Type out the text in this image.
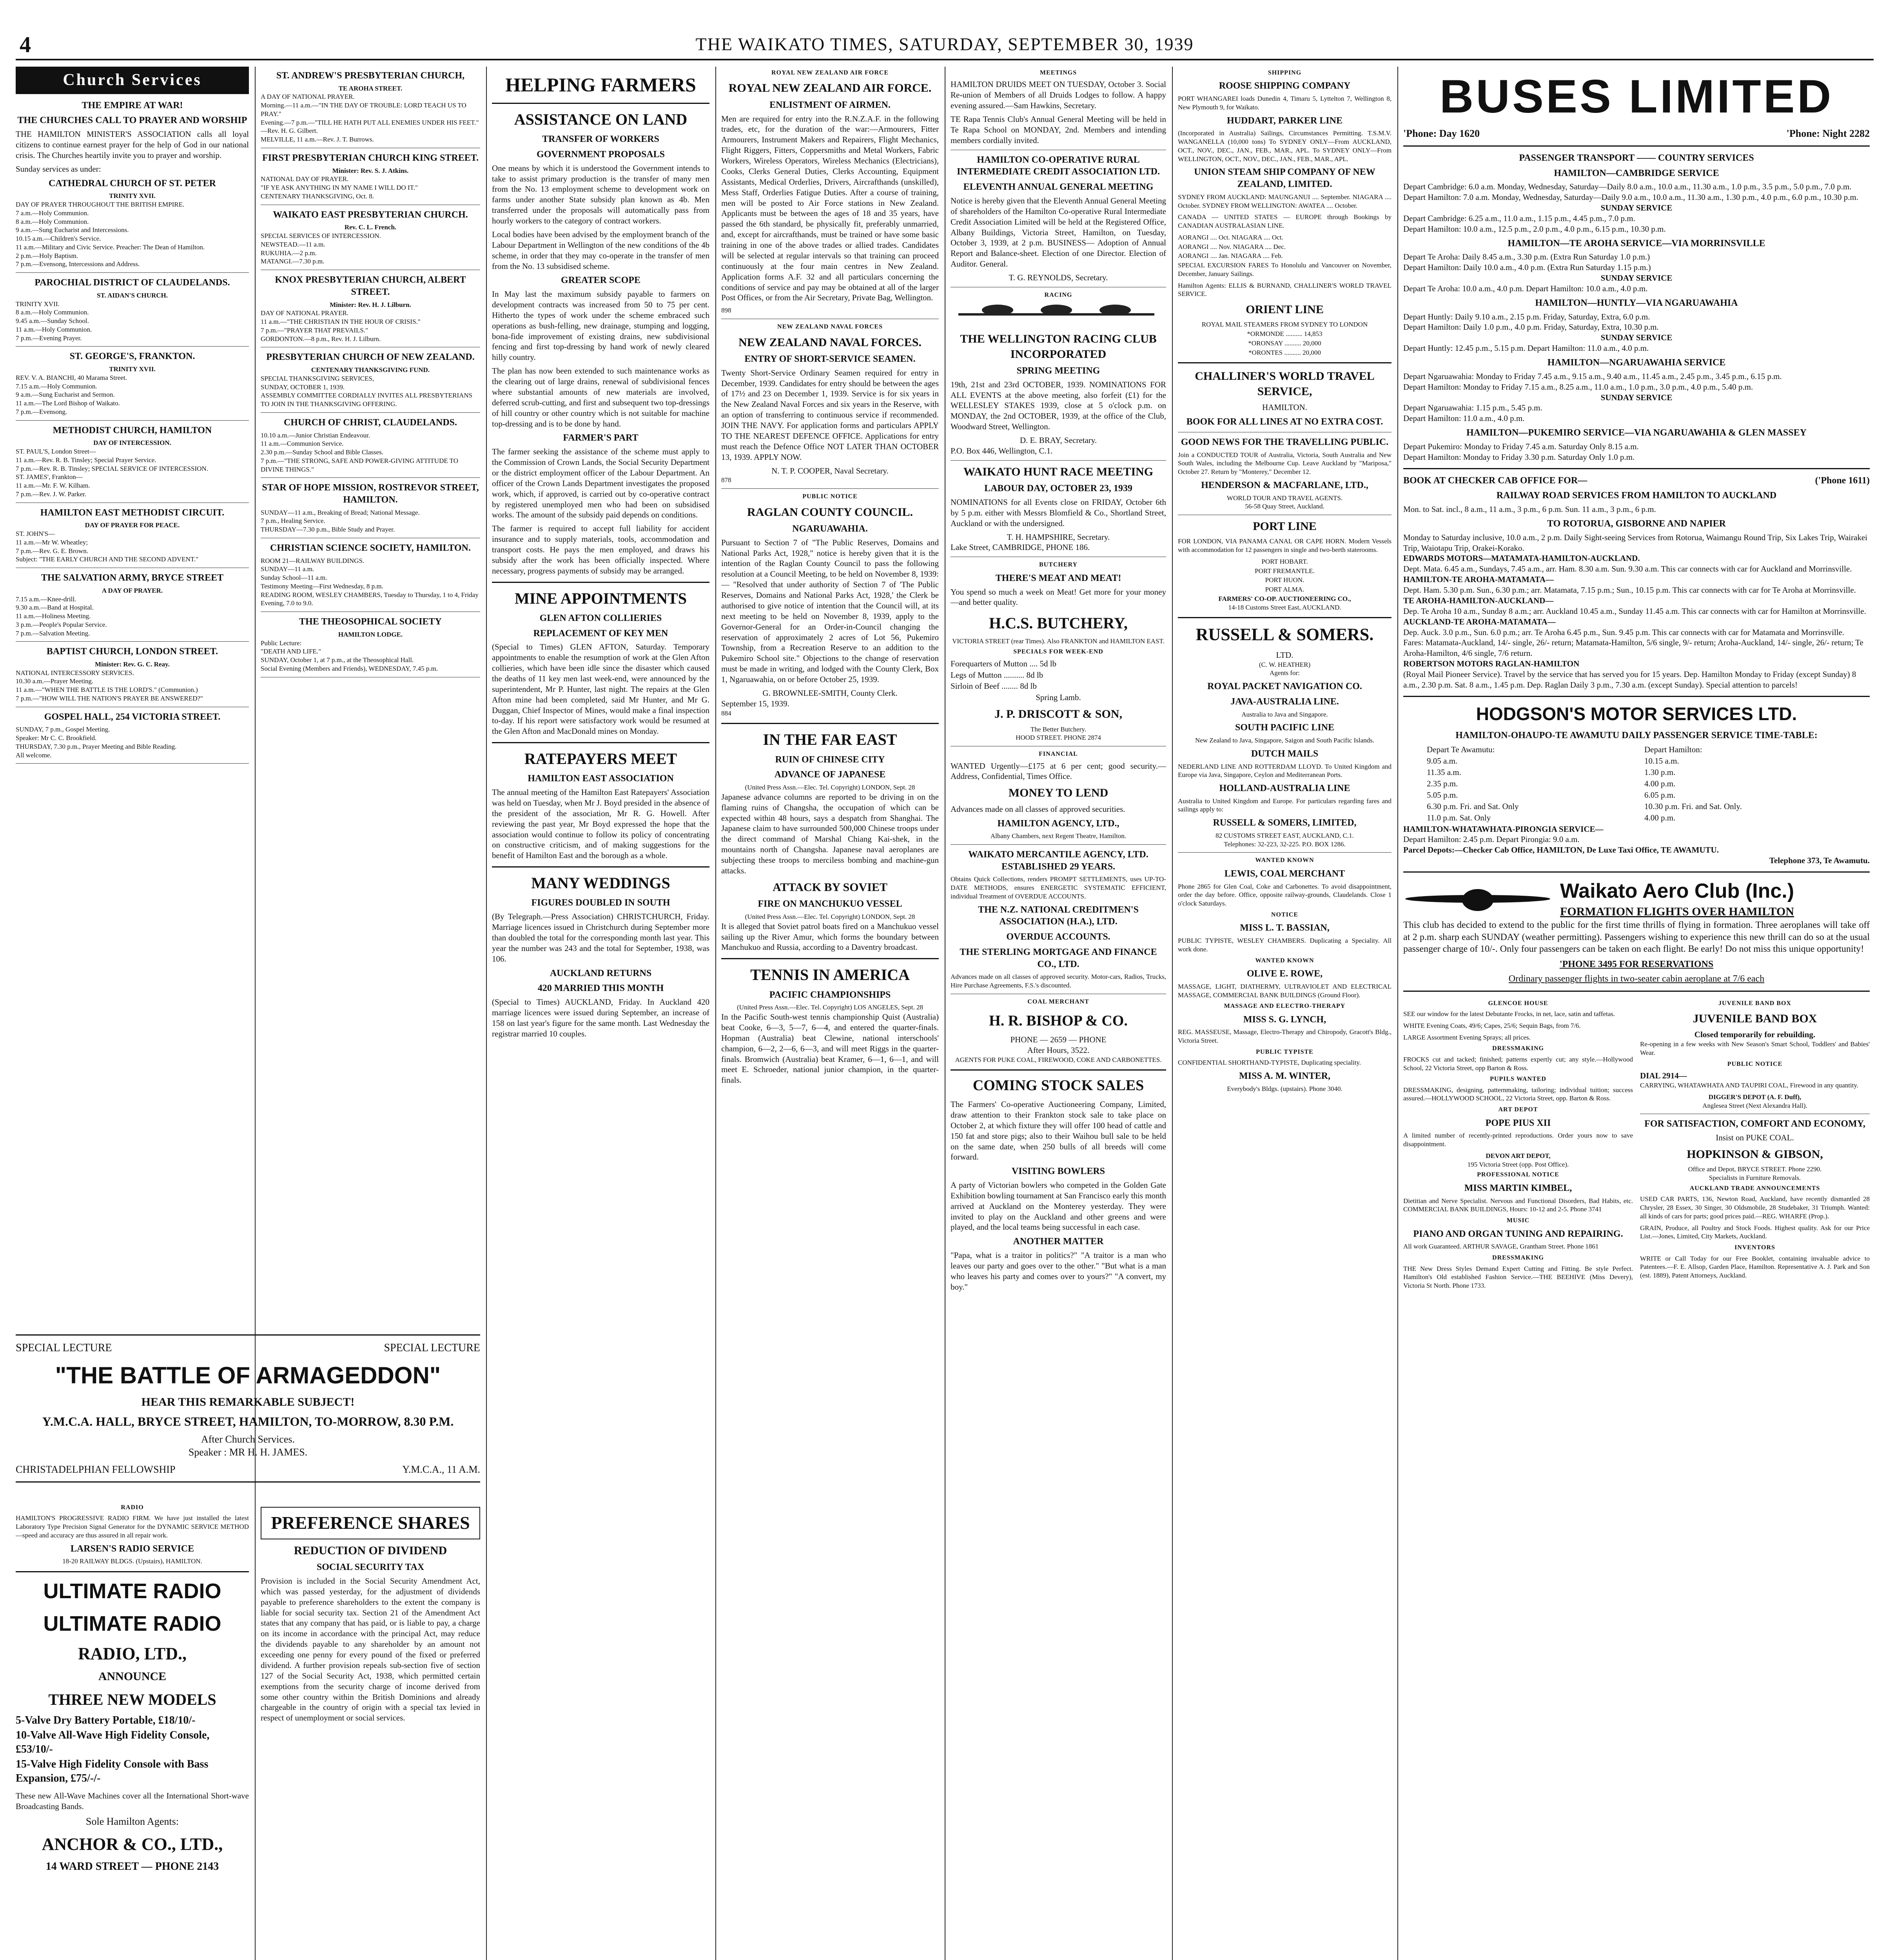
4	THE WAIKATO TIMES, SATURDAY, SEPTEMBER 30, 1939
Church Services
THE EMPIRE AT WAR!
THE CHURCHES CALL TO PRAYER AND WORSHIP

THE HAMILTON MINISTER'S ASSOCIATION calls all loyal citizens to continue earnest prayer for the help of God in our national crisis. The Churches heartily invite you to prayer and worship.

Sunday services as under:

CATHEDRAL CHURCH OF ST. PETER
TRINITY XVII.
DAY OF PRAYER THROUGHOUT THE BRITISH EMPIRE.
7 a.m.—Holy Communion.
8 a.m.—Holy Communion.
9 a.m.—Sung Eucharist and Intercessions.
10.15 a.m.—Children's Service.
11 a.m.—Military and Civic Service. Preacher: The Dean of Hamilton.
2 p.m.—Holy Baptism.
7 p.m.—Evensong, Intercessions and Address.
PAROCHIAL DISTRICT OF CLAUDELANDS.
ST. AIDAN'S CHURCH.
TRINITY XVII.
8 a.m.—Holy Communion.
9.45 a.m.—Sunday School.
11 a.m.—Holy Communion.
7 p.m.—Evening Prayer.
ST. GEORGE'S, FRANKTON.
TRINITY XVII.
REV. V. A. BIANCHI, 40 Marama Street.
7.15 a.m.—Holy Communion.
9 a.m.—Sung Eucharist and Sermon.
11 a.m.—The Lord Bishop of Waikato.
7 p.m.—Evensong.
METHODIST CHURCH, HAMILTON
DAY OF INTERCESSION.
ST. PAUL'S, London Street—
11 a.m.—Rev. R. B. Tinsley; Special Prayer Service.
7 p.m.—Rev. R. B. Tinsley; SPECIAL SERVICE OF INTERCESSION.
ST. JAMES', Frankton—
11 a.m.—Mr. F. W. Kilham.
7 p.m.—Rev. J. W. Parker.
HAMILTON EAST METHODIST CIRCUIT.
DAY OF PRAYER FOR PEACE.
ST. JOHN'S—
11 a.m.—Mr W. Wheatley;
7 p.m.—Rev. G. E. Brown.
Subject: "THE EARLY CHURCH AND THE SECOND ADVENT."
THE SALVATION ARMY, BRYCE STREET
A DAY OF PRAYER.
7.15 a.m.—Knee-drill.
9.30 a.m.—Band at Hospital.
11 a.m.—Holiness Meeting.
3 p.m.—People's Popular Service.
7 p.m.—Salvation Meeting.
BAPTIST CHURCH, LONDON STREET.
Minister: Rev. G. C. Reay.
NATIONAL INTERCESSORY SERVICES.
10.30 a.m.—Prayer Meeting.
11 a.m.—"WHEN THE BATTLE IS THE LORD'S." (Communion.)
7 p.m.—"HOW WILL THE NATION'S PRAYER BE ANSWERED?"
GOSPEL HALL, 254 VICTORIA STREET.
SUNDAY, 7 p.m., Gospel Meeting.
Speaker: Mr C. C. Brookfield.
THURSDAY, 7.30 p.m., Prayer Meeting and Bible Reading.
All welcome.
ST. ANDREW'S PRESBYTERIAN CHURCH,
TE AROHA STREET.
A DAY OF NATIONAL PRAYER.
Morning.—11 a.m.—"IN THE DAY OF TROUBLE: LORD TEACH US TO PRAY."
Evening.—7 p.m.—"TILL HE HATH PUT ALL ENEMIES UNDER HIS FEET."
—Rev. H. G. Gilbert.
MELVILLE, 11 a.m.—Rev. J. T. Burrows.
FIRST PRESBYTERIAN CHURCH KING STREET.
Minister: Rev. S. J. Atkins.
NATIONAL DAY OF PRAYER.
"IF YE ASK ANYTHING IN MY NAME I WILL DO IT."
CENTENARY THANKSGIVING, Oct. 8.
WAIKATO EAST PRESBYTERIAN CHURCH.
Rev. C. L. French.
SPECIAL SERVICES OF INTERCESSION.
NEWSTEAD.—11 a.m.
RUKUHIA.—2 p.m.
MATANGI.—7.30 p.m.
KNOX PRESBYTERIAN CHURCH, ALBERT STREET.
Minister: Rev. H. J. Lilburn.
DAY OF NATIONAL PRAYER.
11 a.m.—"THE CHRISTIAN IN THE HOUR OF CRISIS."
7 p.m.—"PRAYER THAT PREVAILS."
GORDONTON.—8 p.m., Rev. H. J. Lilburn.
PRESBYTERIAN CHURCH OF NEW ZEALAND.
CENTENARY THANKSGIVING FUND.
SPECIAL THANKSGIVING SERVICES,
SUNDAY, OCTOBER 1, 1939.
ASSEMBLY COMMITTEE CORDIALLY INVITES ALL PRESBYTERIANS TO JOIN IN THE THANKSGIVING OFFERING.
CHURCH OF CHRIST, CLAUDELANDS.
10.10 a.m.—Junior Christian Endeavour.
11 a.m.—Communion Service.
2.30 p.m.—Sunday School and Bible Classes.
7 p.m.—"THE STRONG, SAFE AND POWER-GIVING ATTITUDE TO DIVINE THINGS."
STAR OF HOPE MISSION, ROSTREVOR STREET, HAMILTON.
SUNDAY—11 a.m., Breaking of Bread; National Message.
7 p.m., Healing Service.
THURSDAY—7.30 p.m., Bible Study and Prayer.
CHRISTIAN SCIENCE SOCIETY, HAMILTON.
ROOM 21—RAILWAY BUILDINGS.
SUNDAY—11 a.m.
Sunday School—11 a.m.
Testimony Meeting—First Wednesday, 8 p.m.
READING ROOM, WESLEY CHAMBERS, Tuesday to Thursday, 1 to 4, Friday Evening, 7.0 to 9.0.
THE THEOSOPHICAL SOCIETY
HAMILTON LODGE.
Public Lecture:
"DEATH AND LIFE."
SUNDAY, October 1, at 7 p.m., at the Theosophical Hall.
Social Evening (Members and Friends), WEDNESDAY, 7.45 p.m.
SPECIAL LECTURE	SPECIAL LECTURE
"THE BATTLE OF ARMAGEDDON"
HEAR THIS REMARKABLE SUBJECT!
Y.M.C.A. HALL, BRYCE STREET, HAMILTON, TO-MORROW, 8.30 P.M.
After Church Services.
Speaker : MR H. H. JAMES.
CHRISTADELPHIAN FELLOWSHIP	Y.M.C.A., 11 A.M.
RADIO

HAMILTON'S PROGRESSIVE RADIO FIRM. We have just installed the latest Laboratory Type Precision Signal Generator for the DYNAMIC SERVICE METHOD —speed and accuracy are thus assured in all repair work.

LARSEN'S RADIO SERVICE
18-20 RAILWAY BLDGS. (Upstairs), HAMILTON.
ULTIMATE RADIO
ULTIMATE RADIO
RADIO, LTD.,
ANNOUNCE
THREE NEW MODELS
5-Valve Dry Battery Portable, £18/10/-
10-Valve All-Wave High Fidelity Console, £53/10/-
15-Valve High Fidelity Console with Bass Expansion, £75/-/-

These new All-Wave Machines cover all the International Short-wave Broadcasting Bands.

Sole Hamilton Agents:
ANCHOR & CO., LTD.,
14 WARD STREET — PHONE 2143
PREFERENCE SHARES
REDUCTION OF DIVIDEND
SOCIAL SECURITY TAX

Provision is included in the Social Security Amendment Act, which was passed yesterday, for the adjustment of dividends payable to preference shareholders to the extent the company is liable for social security tax. Section 21 of the Amendment Act states that any company that has paid, or is liable to pay, a charge on its income in accordance with the principal Act, may reduce the dividends payable to any shareholder by an amount not exceeding one penny for every pound of the fixed or preferred dividend. A further provision repeals sub-section five of section 127 of the Social Security Act, 1938, which permitted certain exemptions from the security charge of income derived from some other country within the British Dominions and already chargeable in the country of origin with a special tax levied in respect of unemployment or social services.

HELPING FARMERS
ASSISTANCE ON LAND
TRANSFER OF WORKERS
GOVERNMENT PROPOSALS

One means by which it is understood the Government intends to take to assist primary production is the transfer of many men from the No. 13 employment scheme to development work on farms under another State subsidy plan known as 4b. Men transferred under the proposals will automatically pass from hourly workers to the category of contract workers.

Local bodies have been advised by the employment branch of the Labour Department in Wellington of the new conditions of the 4b scheme, in order that they may co-operate in the transfer of men from the No. 13 subsidised scheme.

GREATER SCOPE

In May last the maximum subsidy payable to farmers on development contracts was increased from 50 to 75 per cent. Hitherto the types of work under the scheme embraced such operations as bush-felling, new drainage, stumping and logging, bona-fide improvement of existing drains, new subdivisional fencing and first top-dressing by hand work of newly cleared hilly country.

The plan has now been extended to such maintenance works as the clearing out of large drains, renewal of subdivisional fences where substantial amounts of new materials are involved, deferred scrub-cutting, and first and subsequent two top-dressings of hill country or other country which is not suitable for machine top-dressing and is to be done by hand.

FARMER'S PART

The farmer seeking the assistance of the scheme must apply to the Commission of Crown Lands, the Social Security Department or the district employment officer of the Labour Department. An officer of the Crown Lands Department investigates the proposed work, which, if approved, is carried out by co-operative contract by registered unemployed men who had been on subsidised works. The amount of the subsidy paid depends on conditions.

The farmer is required to accept full liability for accident insurance and to supply materials, tools, accommodation and transport costs. He pays the men employed, and draws his subsidy after the work has been officially inspected. Where necessary, progress payments of subsidy may be arranged.

MINE APPOINTMENTS
GLEN AFTON COLLIERIES
REPLACEMENT OF KEY MEN

(Special to Times) GLEN AFTON, Saturday. Temporary appointments to enable the resumption of work at the Glen Afton collieries, which have been idle since the disaster which caused the deaths of 11 key men last week-end, were announced by the superintendent, Mr P. Hunter, last night. The repairs at the Glen Afton mine had been completed, said Mr Hunter, and Mr G. Duggan, Chief Inspector of Mines, would make a final inspection to-day. If his report were satisfactory work would be resumed at the Glen Afton and MacDonald mines on Monday.

RATEPAYERS MEET
HAMILTON EAST ASSOCIATION

The annual meeting of the Hamilton East Ratepayers' Association was held on Tuesday, when Mr J. Boyd presided in the absence of the president of the association, Mr R. G. Howell. After reviewing the past year, Mr Boyd expressed the hope that the association would continue to follow its policy of concentrating on constructive criticism, and of making suggestions for the benefit of Hamilton East and the borough as a whole.

MANY WEDDINGS
FIGURES DOUBLED IN SOUTH

(By Telegraph.—Press Association) CHRISTCHURCH, Friday. Marriage licences issued in Christchurch during September more than doubled the total for the corresponding month last year. This year the number was 243 and the total for September, 1938, was 106.

AUCKLAND RETURNS
420 MARRIED THIS MONTH

(Special to Times) AUCKLAND, Friday. In Auckland 420 marriage licences were issued during September, an increase of 158 on last year's figure for the same month. Last Wednesday the registrar married 10 couples.

ROYAL NEW ZEALAND AIR FORCE
ROYAL NEW ZEALAND AIR FORCE.
ENLISTMENT OF AIRMEN.

Men are required for entry into the R.N.Z.A.F. in the following trades, etc, for the duration of the war:—Armourers, Fitter Armourers, Instrument Makers and Repairers, Flight Mechanics, Flight Riggers, Fitters, Coppersmiths and Metal Workers, Fabric Workers, Wireless Operators, Wireless Mechanics (Electricians), Cooks, Clerks General Duties, Clerks Accounting, Equipment Assistants, Medical Orderlies, Drivers, Aircrafthands (unskilled), Mess Staff, Orderlies Fatigue Duties. After a course of training, men will be posted to Air Force stations in New Zealand. Applicants must be between the ages of 18 and 35 years, have passed the 6th standard, be physically fit, preferably unmarried, and, except for aircrafthands, must be trained or have some basic training in one of the above trades or allied trades. Candidates will be selected at regular intervals so that training can proceed continuously at the four main centres in New Zealand. Application forms A.F. 32 and all particulars concerning the conditions of service and pay may be obtained at all of the larger Post Offices, or from the Air Secretary, Private Bag, Wellington.

898
NEW ZEALAND NAVAL FORCES
NEW ZEALAND NAVAL FORCES.
ENTRY OF SHORT-SERVICE SEAMEN.

Twenty Short-Service Ordinary Seamen required for entry in December, 1939. Candidates for entry should be between the ages of 17½ and 23 on December 1, 1939. Service is for six years in the New Zealand Naval Forces and six years in the Reserve, with an option of transferring to continuous service if recommended. JOIN THE NAVY. For application forms and particulars APPLY TO THE NEAREST DEFENCE OFFICE. Applications for entry must reach the Defence Office NOT LATER THAN OCTOBER 13, 1939. APPLY NOW.

N. T. P. COOPER, Naval Secretary.
878
PUBLIC NOTICE
RAGLAN COUNTY COUNCIL.
NGARUAWAHIA.

Pursuant to Section 7 of "The Public Reserves, Domains and National Parks Act, 1928," notice is hereby given that it is the intention of the Raglan County Council to pass the following resolution at a Council Meeting, to be held on November 8, 1939:— "Resolved that under authority of Section 7 of 'The Public Reserves, Domains and National Parks Act, 1928,' the Clerk be authorised to give notice of intention that the Council will, at its next meeting to be held on November 8, 1939, apply to the Governor-General for an Order-in-Council changing the reservation of approximately 2 acres of Lot 56, Pukemiro Township, from a Recreation Reserve to an addition to the Pukemiro School site." Objections to the change of reservation must be made in writing, and lodged with the County Clerk, Box 1, Ngaruawahia, on or before October 25, 1939.

G. BROWNLEE-SMITH, County Clerk.
September 15, 1939.
884
IN THE FAR EAST
RUIN OF CHINESE CITY
ADVANCE OF JAPANESE
(United Press Assn.—Elec. Tel. Copyright) LONDON, Sept. 28

Japanese advance columns are reported to be driving in on the flaming ruins of Changsha, the occupation of which can be expected within 48 hours, says a despatch from Shanghai. The Japanese claim to have surrounded 500,000 Chinese troops under the direct command of Marshal Chiang Kai-shek, in the mountains north of Changsha. Japanese naval aeroplanes are subjecting these troops to merciless bombing and machine-gun attacks.

ATTACK BY SOVIET
FIRE ON MANCHUKUO VESSEL
(United Press Assn.—Elec. Tel. Copyright) LONDON, Sept. 28

It is alleged that Soviet patrol boats fired on a Manchukuo vessel sailing up the River Amur, which forms the boundary between Manchukuo and Russia, according to a Daventry broadcast.

TENNIS IN AMERICA
PACIFIC CHAMPIONSHIPS
(United Press Assn.—Elec. Tel. Copyright) LOS ANGELES, Sept. 28

In the Pacific South-west tennis championship Quist (Australia) beat Cooke, 6—3, 5—7, 6—4, and entered the quarter-finals. Hopman (Australia) beat Clewine, national interschools' champion, 6—2, 2—6, 6—3, and will meet Riggs in the quarter-finals. Bromwich (Australia) beat Kramer, 6—1, 6—1, and will meet E. Schroeder, national junior champion, in the quarter-finals.

MEETINGS

HAMILTON DRUIDS MEET ON TUESDAY, October 3. Social Re-union of Members of all Druids Lodges to follow. A happy evening assured.—Sam Hawkins, Secretary.

TE Rapa Tennis Club's Annual General Meeting will be held in Te Rapa School on MONDAY, 2nd. Members and intending members cordially invited.

HAMILTON CO-OPERATIVE RURAL INTERMEDIATE CREDIT ASSOCIATION LTD.
ELEVENTH ANNUAL GENERAL MEETING

Notice is hereby given that the Eleventh Annual General Meeting of shareholders of the Hamilton Co-operative Rural Intermediate Credit Association Limited will be held at the Registered Office, Albany Buildings, Victoria Street, Hamilton, on Tuesday, October 3, 1939, at 2 p.m. BUSINESS— Adoption of Annual Report and Balance-sheet. Election of one Director. Election of Auditor. General.

T. G. REYNOLDS, Secretary.
RACING
THE WELLINGTON RACING CLUB INCORPORATED
SPRING MEETING

19th, 21st and 23rd OCTOBER, 1939. NOMINATIONS FOR ALL EVENTS at the above meeting, also forfeit (£1) for the WELLESLEY STAKES 1939, close at 5 o'clock p.m. on MONDAY, the 2nd OCTOBER, 1939, at the office of the Club, Woodward Street, Wellington.

D. E. BRAY, Secretary.
P.O. Box 446, Wellington, C.1.
WAIKATO HUNT RACE MEETING
LABOUR DAY, OCTOBER 23, 1939

NOMINATIONS for all Events close on FRIDAY, October 6th by 5 p.m. either with Messrs Blomfield & Co., Shortland Street, Auckland or with the undersigned.

T. H. HAMPSHIRE, Secretary.
Lake Street, CAMBRIDGE, PHONE 186.
BUTCHERY
THERE'S MEAT AND MEAT!

You spend so much a week on Meat! Get more for your money—and better quality.

H.C.S. BUTCHERY,
VICTORIA STREET (rear Times). Also FRANKTON and HAMILTON EAST.
SPECIALS FOR WEEK-END
Forequarters of Mutton .... 5d lb
Legs of Mutton .......... 8d lb
Sirloin of Beef ........ 8d lb
Spring Lamb.
J. P. DRISCOTT & SON,
The Better Butchery.
HOOD STREET. PHONE 2874
FINANCIAL

WANTED Urgently—£175 at 6 per cent; good security.—Address, Confidential, Times Office.

MONEY TO LEND

Advances made on all classes of approved securities.

HAMILTON AGENCY, LTD.,
Albany Chambers, next Regent Theatre, Hamilton.
WAIKATO MERCANTILE AGENCY, LTD. ESTABLISHED 29 YEARS.

Obtains Quick Collections, renders PROMPT SETTLEMENTS, uses UP-TO-DATE METHODS, ensures ENERGETIC SYSTEMATIC EFFICIENT, individual Treatment of OVERDUE ACCOUNTS.

THE N.Z. NATIONAL CREDITMEN'S ASSOCIATION (H.A.), LTD.
OVERDUE ACCOUNTS.
THE STERLING MORTGAGE AND FINANCE CO., LTD.

Advances made on all classes of approved security. Motor-cars, Radios, Trucks, Hire Purchase Agreements, F.S.'s discounted.

COAL MERCHANT
H. R. BISHOP & CO.
PHONE — 2659 — PHONE
After Hours, 3522.
AGENTS FOR PUKE COAL, FIREWOOD, COKE AND CARBONETTES.
COMING STOCK SALES

The Farmers' Co-operative Auctioneering Company, Limited, draw attention to their Frankton stock sale to take place on October 2, at which fixture they will offer 100 head of cattle and 150 fat and store pigs; also to their Waihou bull sale to be held on the same date, when 250 bulls of all breeds will come forward.

VISITING BOWLERS

A party of Victorian bowlers who competed in the Golden Gate Exhibition bowling tournament at San Francisco early this month arrived at Auckland on the Monterey yesterday. They were invited to play on the Auckland and other greens and were played, and the local teams being successful in each case.

ANOTHER MATTER

"Papa, what is a traitor in politics?" "A traitor is a man who leaves our party and goes over to the other." "But what is a man who leaves his party and comes over to yours?" "A convert, my boy."

SHIPPING
ROOSE SHIPPING COMPANY

PORT WHANGAREI loads Dunedin 4, Timaru 5, Lyttelton 7, Wellington 8, New Plymouth 9, for Waikato.

HUDDART, PARKER LINE

(Incorporated in Australia) Sailings, Circumstances Permitting. T.S.M.V. WANGANELLA (10,000 tons) To SYDNEY ONLY—From AUCKLAND, OCT., NOV., DEC., JAN., FEB., MAR., APL. To SYDNEY ONLY—From WELLINGTON, OCT., NOV., DEC., JAN., FEB., MAR., APL.

UNION STEAM SHIP COMPANY OF NEW ZEALAND, LIMITED.

SYDNEY FROM AUCKLAND: MAUNGANUI .... September. NIAGARA .... October. SYDNEY FROM WELLINGTON: AWATEA .... October.

CANADA — UNITED STATES — EUROPE through Bookings by CANADIAN AUSTRALASIAN LINE.

AORANGI .... Oct. NIAGARA .... Oct.
AORANGI .... Nov. NIAGARA .... Dec.
AORANGI .... Jan. NIAGARA .... Feb.

SPECIAL EXCURSION FARES To Honolulu and Vancouver on November, December, January Sailings.

Hamilton Agents: ELLIS & BURNAND, CHALLINER'S WORLD TRAVEL SERVICE.

ORIENT LINE
ROYAL MAIL STEAMERS FROM SYDNEY TO LONDON
*ORMONDE .......... 14,853
*ORONSAY .......... 20,000
*ORONTES .......... 20,000
CHALLINER'S WORLD TRAVEL SERVICE,
HAMILTON.
BOOK FOR ALL LINES AT NO EXTRA COST.
GOOD NEWS FOR THE TRAVELLING PUBLIC.

Join a CONDUCTED TOUR of Australia, Victoria, South Australia and New South Wales, including the Melbourne Cup. Leave Auckland by "Mariposa," October 27. Return by "Monterey," December 12.

HENDERSON & MACFARLANE, LTD.,
WORLD TOUR AND TRAVEL AGENTS.
56-58 Quay Street, Auckland.
PORT LINE

FOR LONDON, VIA PANAMA CANAL OR CAPE HORN. Modern Vessels with accommodation for 12 passengers in single and two-berth staterooms.

PORT HOBART.
PORT FREMANTLE.
PORT HUON.
PORT ALMA.
FARMERS' CO-OP. AUCTIONEERING CO.,
14-18 Customs Street East, AUCKLAND.
RUSSELL & SOMERS.
LTD.
(C. W. HEATHER)
Agents for:
ROYAL PACKET NAVIGATION CO.
JAVA-AUSTRALIA LINE.
Australia to Java and Singapore.
SOUTH PACIFIC LINE
New Zealand to Java, Singapore, Saigon and South Pacific Islands.
DUTCH MAILS

NEDERLAND LINE AND ROTTERDAM LLOYD. To United Kingdom and Europe via Java, Singapore, Ceylon and Mediterranean Ports.

HOLLAND-AUSTRALIA LINE

Australia to United Kingdom and Europe. For particulars regarding fares and sailings apply to:

RUSSELL & SOMERS, LIMITED,
82 CUSTOMS STREET EAST, AUCKLAND, C.1.
Telephones: 32-223, 32-225. P.O. BOX 1286.
WANTED KNOWN
LEWIS, COAL MERCHANT

Phone 2865 for Glen Coal, Coke and Carbonettes. To avoid disappointment, order the day before. Office, opposite railway-grounds, Claudelands. Close 1 o'clock Saturdays.

NOTICE
MISS L. T. BASSIAN,

PUBLIC TYPISTE, WESLEY CHAMBERS. Duplicating a Speciality. All work done.

WANTED KNOWN
OLIVE E. ROWE,

MASSAGE, LIGHT, DIATHERMY, ULTRAVIOLET AND ELECTRICAL MASSAGE, COMMERCIAL BANK BUILDINGS (Ground Floor).

MASSAGE AND ELECTRO-THERAPY
MISS S. G. LYNCH,

REG. MASSEUSE, Massage, Electro-Therapy and Chiropody, Gracott's Bldg., Victoria Street.

PUBLIC TYPISTE

CONFIDENTIAL SHORTHAND-TYPISTE, Duplicating speciality.

MISS A. M. WINTER,
Everybody's Bldgs. (upstairs). Phone 3040.
BUSES LIMITED
'Phone: Day 1620	'Phone: Night 2282
PASSENGER TRANSPORT —— COUNTRY SERVICES
HAMILTON—CAMBRIDGE SERVICE
Depart Cambridge: 6.0 a.m. Monday, Wednesday, Saturday—Daily 8.0 a.m., 10.0 a.m., 11.30 a.m., 1.0 p.m., 3.5 p.m., 5.0 p.m., 7.0 p.m.
Depart Hamilton: 7.0 a.m. Monday, Wednesday, Saturday—Daily 9.0 a.m., 10.0 a.m., 11.30 a.m., 1.30 p.m., 4.0 p.m., 6.0 p.m., 10.30 p.m.
SUNDAY SERVICE
Depart Cambridge: 6.25 a.m., 11.0 a.m., 1.15 p.m., 4.45 p.m., 7.0 p.m.
Depart Hamilton: 10.0 a.m., 12.5 p.m., 2.0 p.m., 4.0 p.m., 6.15 p.m., 10.30 p.m.
HAMILTON—TE AROHA SERVICE—VIA MORRINSVILLE
Depart Te Aroha: Daily 8.45 a.m., 3.30 p.m. (Extra Run Saturday 1.0 p.m.)
Depart Hamilton: Daily 10.0 a.m., 4.0 p.m. (Extra Run Saturday 1.15 p.m.)
SUNDAY SERVICE
Depart Te Aroha: 10.0 a.m., 4.0 p.m. Depart Hamilton: 10.0 a.m., 4.0 p.m.
HAMILTON—HUNTLY—VIA NGARUAWAHIA
Depart Huntly: Daily 9.10 a.m., 2.15 p.m. Friday, Saturday, Extra, 6.0 p.m.
Depart Hamilton: Daily 1.0 p.m., 4.0 p.m. Friday, Saturday, Extra, 10.30 p.m.
SUNDAY SERVICE
Depart Huntly: 12.45 p.m., 5.15 p.m. Depart Hamilton: 11.0 a.m., 4.0 p.m.
HAMILTON—NGARUAWAHIA SERVICE
Depart Ngaruawahia: Monday to Friday 7.45 a.m., 9.15 a.m., 9.40 a.m., 11.45 a.m., 2.45 p.m., 3.45 p.m., 6.15 p.m.
Depart Hamilton: Monday to Friday 7.15 a.m., 8.25 a.m., 11.0 a.m., 1.0 p.m., 3.0 p.m., 4.0 p.m., 5.40 p.m.
SUNDAY SERVICE
Depart Ngaruawahia: 1.15 p.m., 5.45 p.m.
Depart Hamilton: 11.0 a.m., 4.0 p.m.
HAMILTON—PUKEMIRO SERVICE—VIA NGARUAWAHIA & GLEN MASSEY
Depart Pukemiro: Monday to Friday 7.45 a.m. Saturday Only 8.15 a.m.
Depart Hamilton: Monday to Friday 3.30 p.m. Saturday Only 1.0 p.m.
BOOK AT CHECKER CAB OFFICE FOR—	('Phone 1611)
RAILWAY ROAD SERVICES FROM HAMILTON TO AUCKLAND
Mon. to Sat. incl., 8 a.m., 11 a.m., 3 p.m., 6 p.m. Sun. 11 a.m., 3 p.m., 6 p.m.
TO ROTORUA, GISBORNE AND NAPIER
Monday to Saturday inclusive, 10.0 a.m., 2 p.m. Daily Sight-seeing Services from Rotorua, Waimangu Round Trip, Six Lakes Trip, Wairakei Trip, Waiotapu Trip, Orakei-Korako.
EDWARDS MOTORS—MATAMATA-HAMILTON-AUCKLAND.
Dept. Mata. 6.45 a.m., Sundays, 7.45 a.m., arr. Ham. 8.30 a.m. Sun. 9.30 a.m. This car connects with car for Auckland and Morrinsville.
HAMILTON-TE AROHA-MATAMATA—
Dept. Ham. 5.30 p.m. Sun., 6.30 p.m.; arr. Matamata, 7.15 p.m.; Sun., 10.15 p.m. This car connects with car for Te Aroha at Morrinsville.
TE AROHA-HAMILTON-AUCKLAND—
Dep. Te Aroha 10 a.m., Sunday 8 a.m.; arr. Auckland 10.45 a.m., Sunday 11.45 a.m. This car connects with car for Hamilton at Morrinsville.
AUCKLAND-TE AROHA-MATAMATA—
Dep. Auck. 3.0 p.m., Sun. 6.0 p.m.; arr. Te Aroha 6.45 p.m., Sun. 9.45 p.m. This car connects with car for Matamata and Morrinsville.
Fares: Matamata-Auckland, 14/- single, 26/- return; Matamata-Hamilton, 5/6 single, 9/- return; Aroha-Auckland, 14/- single, 26/- return; Te Aroha-Hamilton, 4/6 single, 7/6 return.
ROBERTSON MOTORS RAGLAN-HAMILTON
(Royal Mail Pioneer Service). Travel by the service that has served you for 15 years. Dep. Hamilton Monday to Friday (except Sunday) 8 a.m., 2.30 p.m. Sat. 8 a.m., 1.45 p.m. Dep. Raglan Daily 3 p.m., 7.30 a.m. (except Sunday). Special attention to parcels!
HODGSON'S MOTOR SERVICES LTD.
HAMILTON-OHAUPO-TE AWAMUTU DAILY PASSENGER SERVICE TIME-TABLE:
Depart Te Awamutu:
9.05 a.m.
11.35 a.m.
2.35 p.m.
5.05 p.m.
6.30 p.m. Fri. and Sat. Only
11.0 p.m. Sat. Only
Depart Hamilton:
10.15 a.m.
1.30 p.m.
4.00 p.m.
6.05 p.m.
10.30 p.m. Fri. and Sat. Only.
4.00 p.m.
HAMILTON-WHATAWHATA-PIRONGIA SERVICE—
Depart Hamilton: 2.45 p.m. Depart Pirongia: 9.0 a.m.
Parcel Depots:—Checker Cab Office, HAMILTON, De Luxe Taxi Office, TE AWAMUTU.
Telephone 373, Te Awamutu.
Waikato Aero Club (Inc.)
FORMATION FLIGHTS OVER HAMILTON

This club has decided to extend to the public for the first time thrills of flying in formation. Three aeroplanes will take off at 2 p.m. sharp each SUNDAY (weather permitting). Passengers wishing to experience this new thrill can do so at the usual passenger charge of 10/-. Only four passengers can be taken on each flight. Be early! Do not miss this unique opportunity!

'PHONE 3495 FOR RESERVATIONS
Ordinary passenger flights in two-seater cabin aeroplane at 7/6 each
GLENCOE HOUSE

SEE our window for the latest Debutante Frocks, in net, lace, satin and taffetas.

WHITE Evening Coats, 49/6; Capes, 25/6; Sequin Bags, from 7/6.

LARGE Assortment Evening Sprays; all prices.

DRESSMAKING

FROCKS cut and tacked; finished; patterns expertly cut; any style.—Hollywood School, 22 Victoria Street, opp Barton & Ross.

PUPILS WANTED

DRESSMAKING, designing, patternmaking, tailoring; individual tuition; success assured.—HOLLYWOOD SCHOOL, 22 Victoria Street, opp. Barton & Ross.

ART DEPOT
POPE PIUS XII

A limited number of recently-printed reproductions. Order yours now to save disappointment.

DEVON ART DEPOT,
195 Victoria Street (opp. Post Office).
PROFESSIONAL NOTICE
MISS MARTIN KIMBEL,

Dietitian and Nerve Specialist. Nervous and Functional Disorders, Bad Habits, etc. COMMERCIAL BANK BUILDINGS, Hours: 10-12 and 2-5. Phone 3741

MUSIC
PIANO AND ORGAN TUNING AND REPAIRING.

All work Guaranteed. ARTHUR SAVAGE, Grantham Street. Phone 1861

DRESSMAKING

THE New Dress Styles Demand Expert Cutting and Fitting. Be style Perfect. Hamilton's Old established Fashion Service.—THE BEEHIVE (Miss Devery), Victoria St North. Phone 1733.

JUVENILE BAND BOX
JUVENILE BAND BOX
Closed temporarily for rebuilding.

Re-opening in a few weeks with New Season's Smart School, Toddlers' and Babies' Wear.

PUBLIC NOTICE
DIAL 2914—

CARRYING, WHATAWHATA AND TAUPIRI COAL, Firewood in any quantity.

DIGGER'S DEPOT (A. F. Duff),
Anglesea Street (Next Alexandra Hall).
FOR SATISFACTION, COMFORT AND ECONOMY,
Insist on PUKE COAL.
HOPKINSON & GIBSON,
Office and Depot, BRYCE STREET. Phone 2290.
Specialists in Furniture Removals.
AUCKLAND TRADE ANNOUNCEMENTS

USED CAR PARTS, 136, Newton Road, Auckland, have recently dismantled 28 Chrysler, 28 Essex, 30 Singer, 30 Oldsmobile, 28 Studebaker, 31 Triumph. Wanted: all kinds of cars for parts; good prices paid.—REG. WHARFE (Prop.).

GRAIN, Produce, all Poultry and Stock Foods. Highest quality. Ask for our Price List.—Jones, Limited, City Markets, Auckland.

INVENTORS

WRITE or Call Today for our Free Booklet, containing invaluable advice to Patentees.—F. E. Allsop, Garden Place, Hamilton. Representative A. J. Park and Son (est. 1889), Patent Attorneys, Auckland.
